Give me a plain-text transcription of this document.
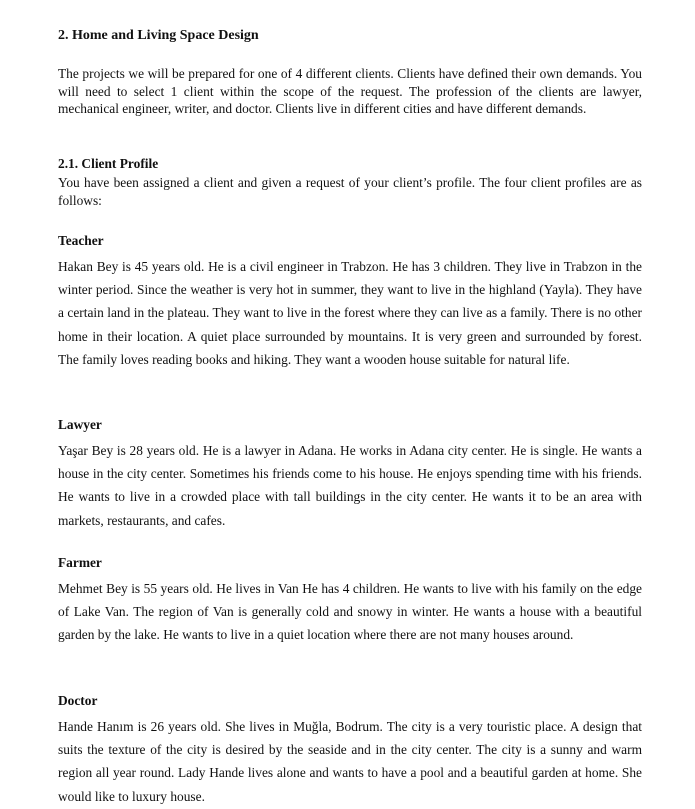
2. Home and Living Space Design

The projects we will be prepared for one of 4 different clients. Clients have defined their own demands. You will need to select 1 client within the scope of the request. The profession of the clients are lawyer, mechanical engineer, writer, and doctor. Clients live in different cities and have different demands.

2.1. Client Profile

You have been assigned a client and given a request of your client’s profile. The four client profiles are as follows:

Teacher

Hakan Bey is 45 years old. He is a civil engineer in Trabzon. He has 3 children. They live in Trabzon in the winter period. Since the weather is very hot in summer, they want to live in the highland (Yayla). They have a certain land in the plateau. They want to live in the forest where they can live as a family. There is no other home in their location. A quiet place surrounded by mountains. It is very green and surrounded by forest. The family loves reading books and hiking. They want a wooden house suitable for natural life.

Lawyer

Yaşar Bey is 28 years old. He is a lawyer in Adana. He works in Adana city center. He is single. He wants a house in the city center. Sometimes his friends come to his house. He enjoys spending time with his friends. He wants to live in a crowded place with tall buildings in the city center. He wants it to be an area with markets, restaurants, and cafes.

Farmer

Mehmet Bey is 55 years old. He lives in Van He has 4 children. He wants to live with his family on the edge of Lake Van. The region of Van is generally cold and snowy in winter. He wants a house with a beautiful garden by the lake. He wants to live in a quiet location where there are not many houses around.

Doctor

Hande Hanım is 26 years old. She lives in Muğla, Bodrum. The city is a very touristic place. A design that suits the texture of the city is desired by the seaside and in the city center. The city is a sunny and warm region all year round. Lady Hande lives alone and wants to have a pool and a beautiful garden at home. She would like to luxury house.
